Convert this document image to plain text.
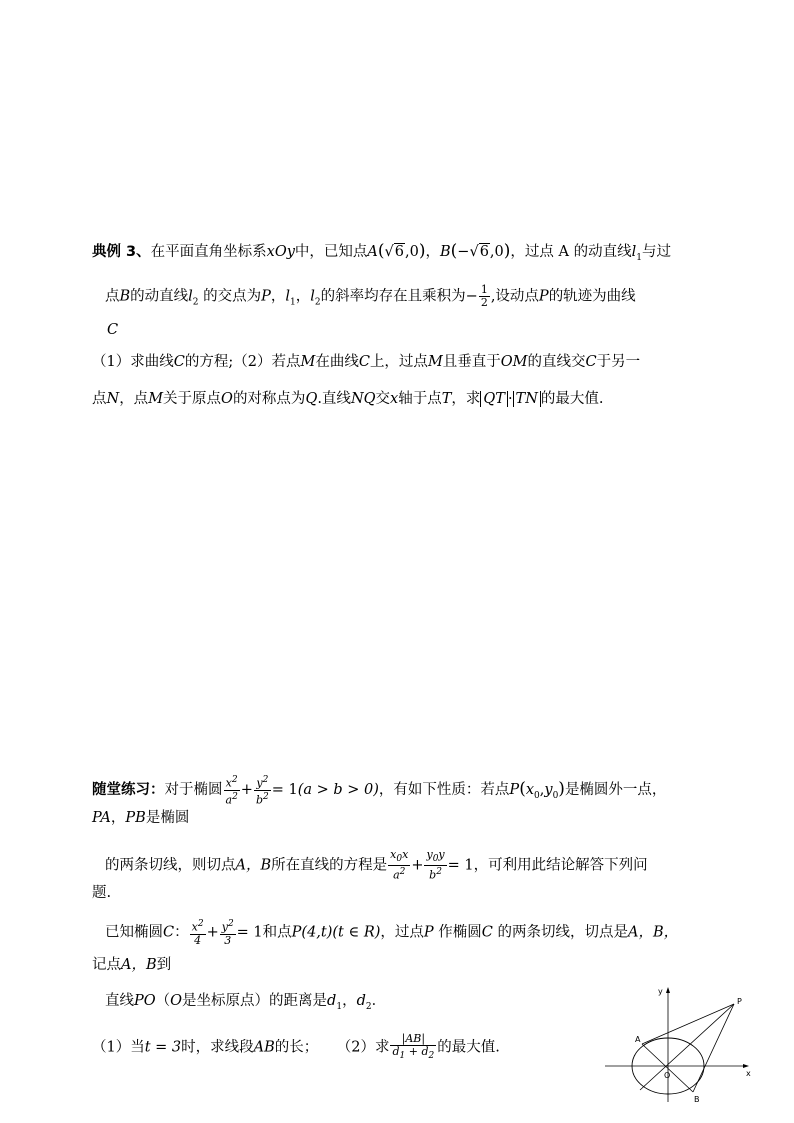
典例 3、在平面直角坐标系xOy中，已知点A(√6,0)，B(−√6,0)，过点 A 的动直线$l_1$与过
点B的动直线$l_2$ 的交点为P，$l_1$，$l_2$的斜率均存在且乘积为− $\frac{1}{2}$ ,设动点P的轨迹为曲线
C
（1）求曲线C的方程;（2）若点M在曲线C上，过点M且垂直于OM的直线交C于另一
点N，点M关于原点O的对称点为Q.直线NQ交x轴于点T，求 QT · TN 的最大值.
随堂练习：对于椭圆 $\frac{x^2}{a^2} + \frac{y^2}{b^2} = 1(a > b > 0)$，有如下性质：若点$P(x_0,y_0)$是椭圆外一点，
PA，PB是椭圆
的两条切线，则切点A，B所在直线的方程是 $\frac{x_0x}{a^2} + \frac{y_0y}{b^2} = 1$，可利用此结论解答下列问
题.
已知椭圆C： $\frac{x^2}{4} + \frac{y^2}{3} = 1$和点P(4,t)(t ∈ R)，过点P 作椭圆C 的两条切线，切点是A，B，
记点A，B到
直线PO（O是坐标原点）的距离是$d_1$，$d_2$．
（1）当t = 3时，求线段AB的长； （2）求 $\frac{|AB|}{d_1 + d_2}$ 的最大值.
y
x
P
A
O
B
